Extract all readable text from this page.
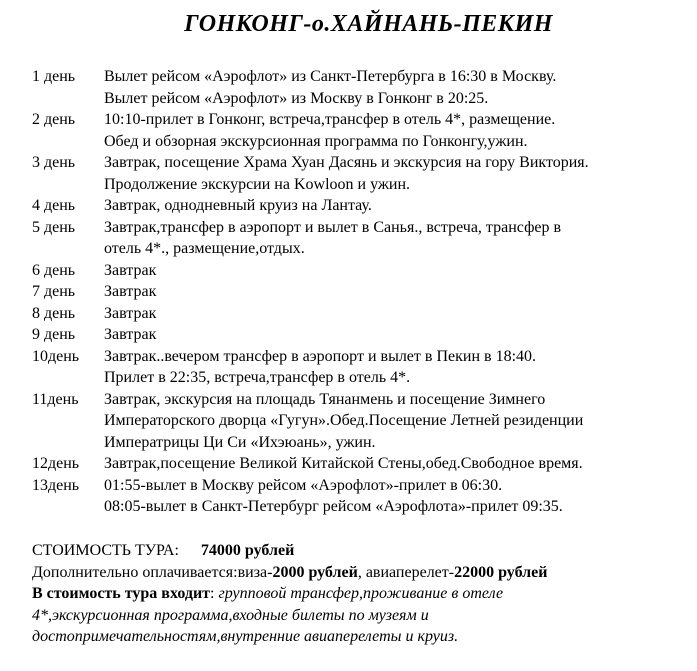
ГОНКОНГ-о.ХАЙНАНЬ-ПЕКИН
1 день	Вылет рейсом «Аэрофлот» из Санкт-Петербурга в 16:30 в Москву.
Вылет рейсом «Аэрофлот» из Москву в Гонконг в 20:25.
2 день	10:10-прилет в Гонконг, встреча,трансфер в отель 4*, размещение.
Обед и обзорная экскурсионная программа по Гонконгу,ужин.
3 день	Завтрак, посещение Храма Хуан Дасянь и экскурсия на гору Виктория.
Продолжение экскурсии на Kowloon и ужин.
4 день	Завтрак, однодневный круиз на Лантау.
5 день	Завтрак,трансфер в аэропорт и вылет в Санья., встреча, трансфер в
отель 4*., размещение,отдых.
6 день	Завтрак
7 день	Завтрак
8 день	Завтрак
9 день	Завтрак
10день	Завтрак..вечером трансфер в аэропорт и вылет в Пекин в 18:40.
Прилет в 22:35, встреча,трансфер в отель 4*.
11день	Завтрак, экскурсия на площадь Тянанмень и посещение Зимнего
Императорского дворца «Гугун».Обед.Посещение Летней резиденции
Императрицы Ци Си «Ихэюань», ужин.
12день	Завтрак,посещение Великой Китайской Стены,обед.Свободное время.
13день	01:55-вылет в Москву рейсом «Аэрофлот»-прилет в 06:30.
08:05-вылет в Санкт-Петербург рейсом «Аэрофлота»-прилет 09:35.
СТОИМОСТЬ ТУРА: 74000 рублей
Дополнительно оплачивается:виза-2000 рублей, авиаперелет-22000 рублей
В стоимость тура входит: групповой трансфер,проживание в отеле
4*,экскурсионная программа,входные билеты по музеям и
достопримечательностям,внутренние авиаперелеты и круиз.
